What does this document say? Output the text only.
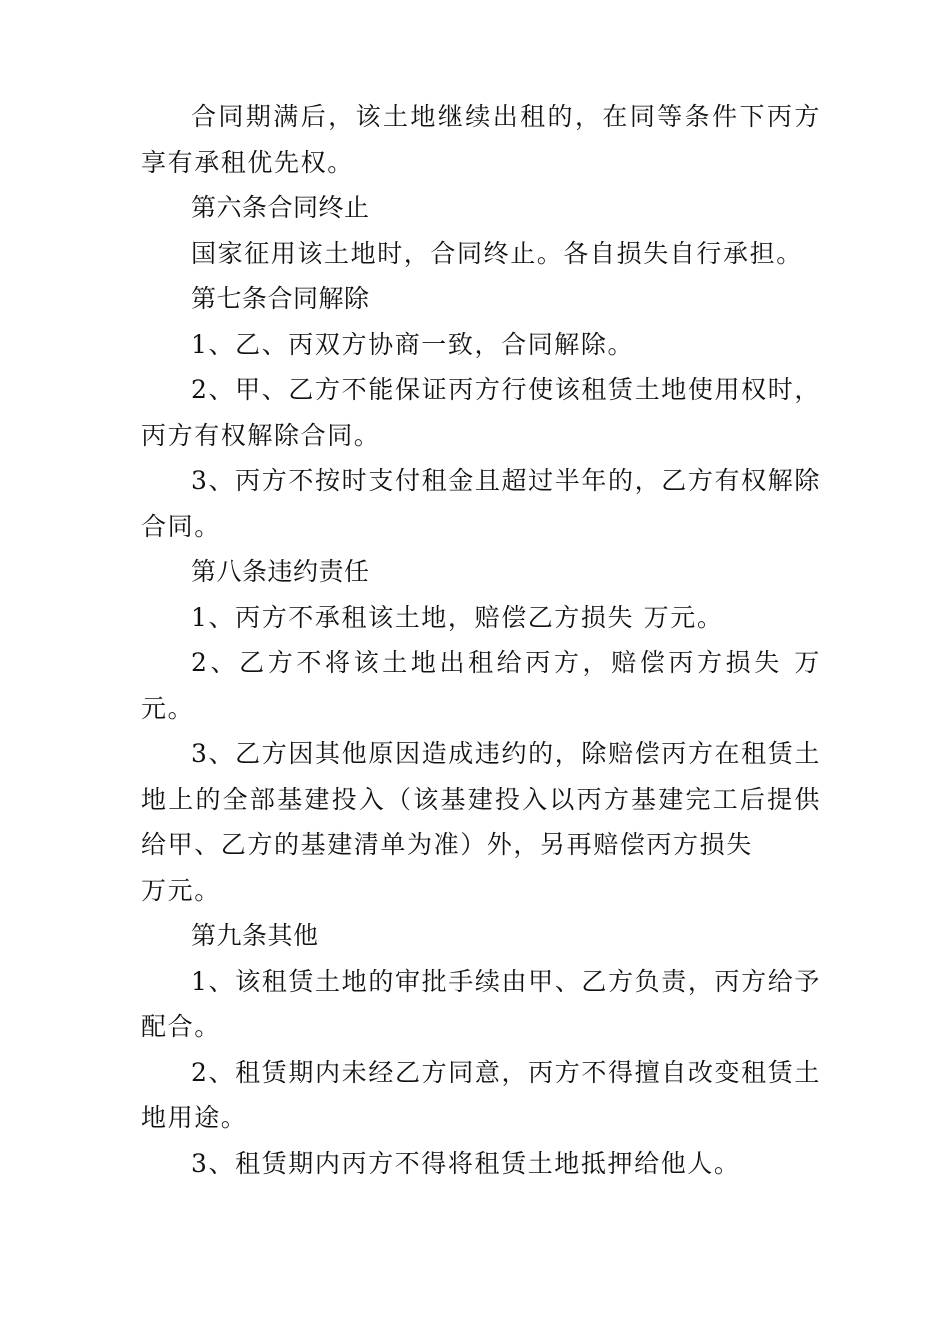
合同期满后，该土地继续出租的，在同等条件下丙方享有承租优先权。

第六条合同终止

国家征用该土地时，合同终止。各自损失自行承担。

第七条合同解除

1、乙、丙双方协商一致，合同解除。

2、甲、乙方不能保证丙方行使该租赁土地使用权时，丙方有权解除合同。

3、丙方不按时支付租金且超过半年的，乙方有权解除合同。

第八条违约责任

1、丙方不承租该土地，赔偿乙方损失 万元。

2、乙方不将该土地出租给丙方，赔偿丙方损失 万元。

3、乙方因其他原因造成违约的，除赔偿丙方在租赁土地上的全部基建投入（该基建投入以丙方基建完工后提供给甲、乙方的基建清单为准）外，另再赔偿丙方损失

万元。

第九条其他

1、该租赁土地的审批手续由甲、乙方负责，丙方给予配合。

2、租赁期内未经乙方同意，丙方不得擅自改变租赁土地用途。

3、租赁期内丙方不得将租赁土地抵押给他人。
